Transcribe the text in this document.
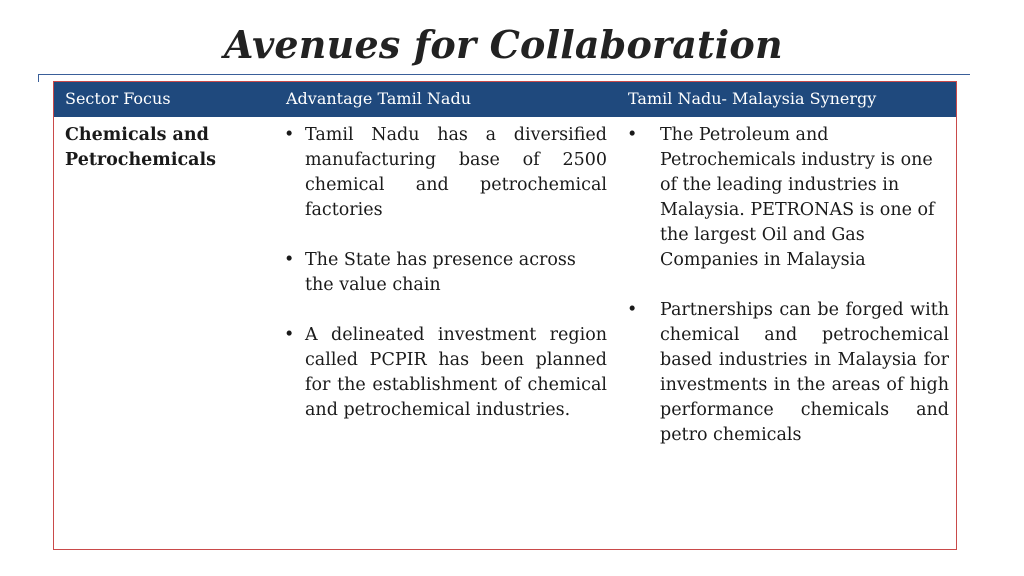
Avenues for Collaboration
Sector Focus	Advantage Tamil Nadu	Tamil Nadu- Malaysia Synergy
Chemicals and
Petrochemicals
• Tamil Nadu has a diversified manufacturing base of 2500 chemical and petrochemical factories
• The State has presence across the value chain
• A delineated investment region called PCPIR has been planned for the establishment of chemical and petrochemical industries.
• The Petroleum and Petrochemicals industry is one of the leading industries in Malaysia. PETRONAS is one of the largest Oil and Gas Companies in Malaysia
• Partnerships can be forged with chemical and petrochemical based industries in Malaysia for investments in the areas of high performance chemicals and petro chemicals
